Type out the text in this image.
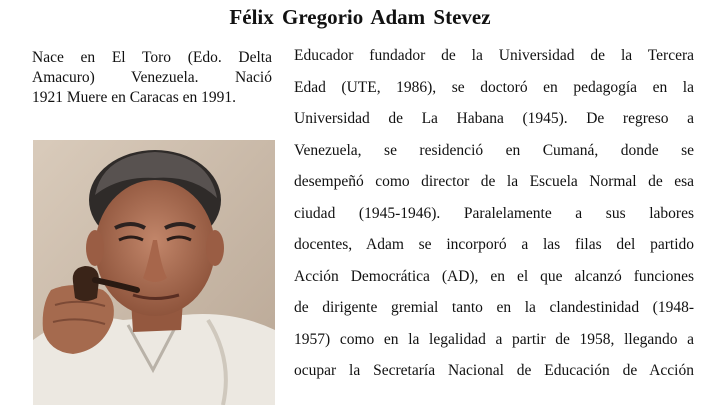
Félix Gregorio Adam Stevez
Nace en El Toro (Edo. Delta
Amacuro) Venezuela. Nació
1921 Muere en Caracas en 1991.
Educador fundador de la Universidad de la Tercera
Edad (UTE, 1986), se doctoró en pedagogía en la
Universidad de La Habana (1945). De regreso a
Venezuela, se residenció en Cumaná, donde se
desempeñó como director de la Escuela Normal de esa
ciudad (1945-1946). Paralelamente a sus labores
docentes, Adam se incorporó a las filas del partido
Acción Democrática (AD), en el que alcanzó funciones
de dirigente gremial tanto en la clandestinidad (1948-
1957) como en la legalidad a partir de 1958, llegando a
ocupar la Secretaría Nacional de Educación de Acción
